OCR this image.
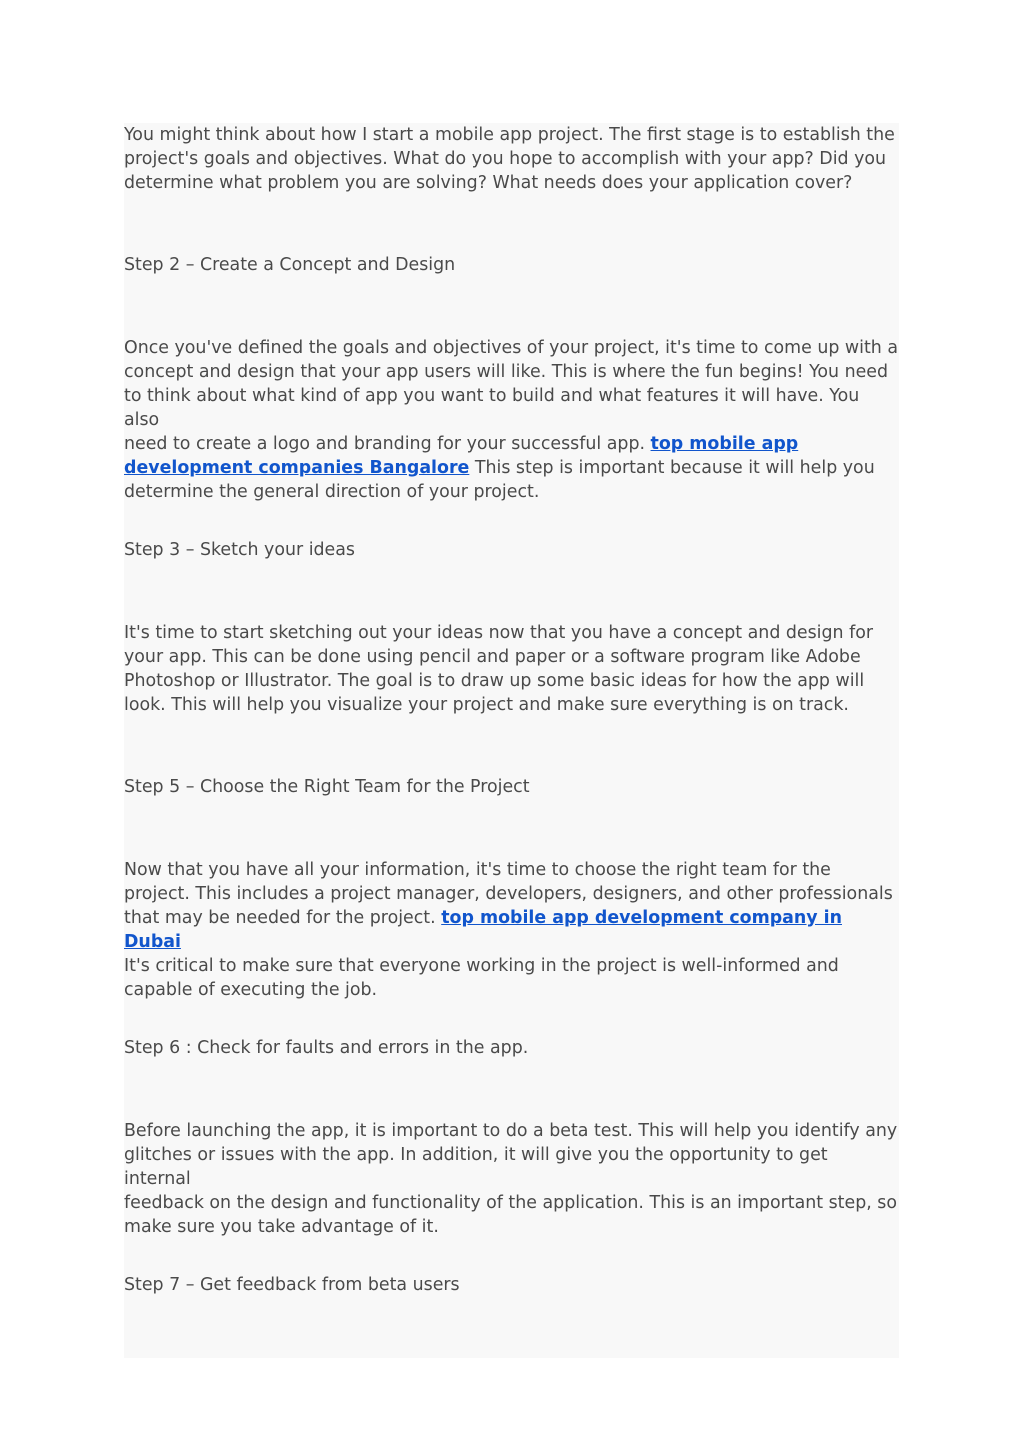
You might think about how I start a mobile app project. The first stage is to establish the
project's goals and objectives. What do you hope to accomplish with your app? Did you
determine what problem you are solving? What needs does your application cover?

Step 2 – Create a Concept and Design

Once you've defined the goals and objectives of your project, it's time to come up with a
concept and design that your app users will like. This is where the fun begins! You need
to think about what kind of app you want to build and what features it will have. You also
need to create a logo and branding for your successful app. top mobile app
development companies Bangalore This step is important because it will help you
determine the general direction of your project.

Step 3 – Sketch your ideas

It's time to start sketching out your ideas now that you have a concept and design for
your app. This can be done using pencil and paper or a software program like Adobe
Photoshop or Illustrator. The goal is to draw up some basic ideas for how the app will
look. This will help you visualize your project and make sure everything is on track.

Step 5 – Choose the Right Team for the Project

Now that you have all your information, it's time to choose the right team for the
project. This includes a project manager, developers, designers, and other professionals
that may be needed for the project. top mobile app development company in Dubai
It's critical to make sure that everyone working in the project is well-informed and
capable of executing the job.

Step 6 : Check for faults and errors in the app.

Before launching the app, it is important to do a beta test. This will help you identify any
glitches or issues with the app. In addition, it will give you the opportunity to get internal
feedback on the design and functionality of the application. This is an important step, so
make sure you take advantage of it.

Step 7 – Get feedback from beta users
